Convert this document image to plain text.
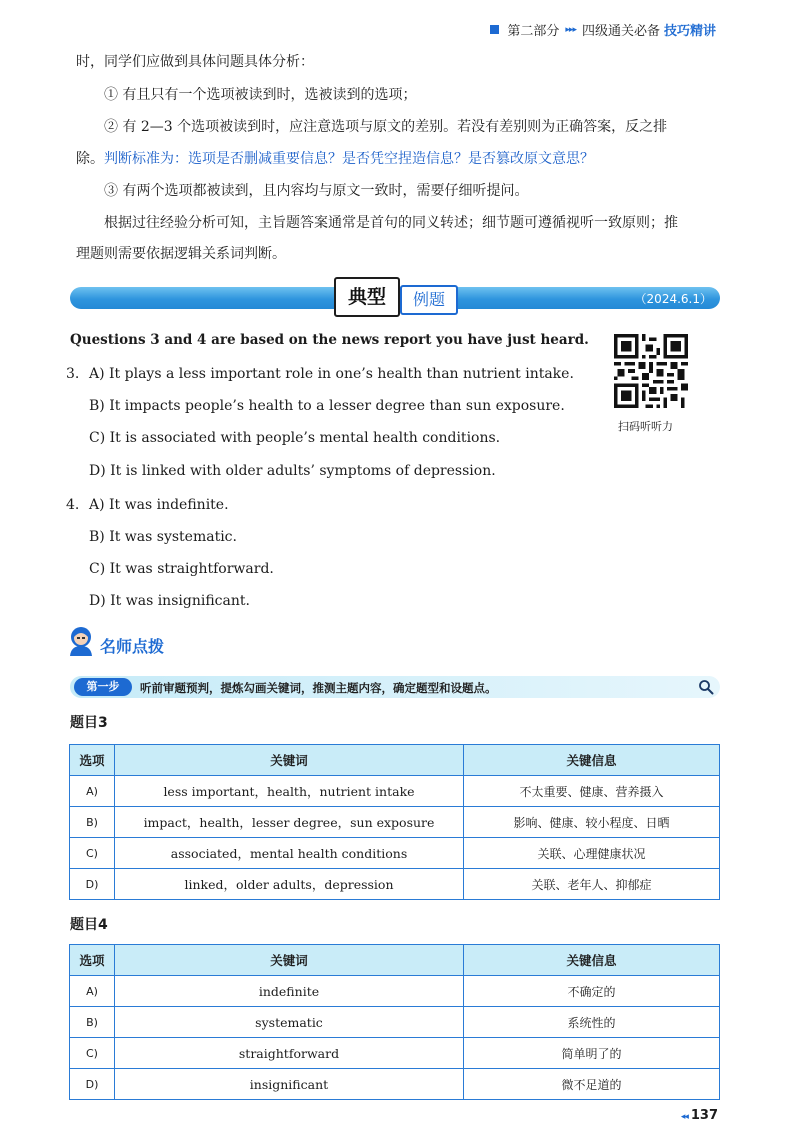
第二部分 ▸▸▸ 四级通关必备 技巧精讲
时，同学们应做到具体问题具体分析：
① 有且只有一个选项被读到时，选被读到的选项；
② 有 2—3 个选项被读到时，应注意选项与原文的差别。若没有差别则为正确答案，反之排
除。判断标准为：选项是否删减重要信息？是否凭空捏造信息？是否篡改原文意思？
③ 有两个选项都被读到，且内容均与原文一致时，需要仔细听提问。
根据过往经验分析可知，主旨题答案通常是首句的同义转述；细节题可遵循视听一致原则；推
理题则需要依据逻辑关系词判断。
（2024.6.1）
典型	例题
Questions 3 and 4 are based on the news report you have just heard.
3. A) It plays a less important role in one’s health than nutrient intake.
B) It impacts people’s health to a lesser degree than sun exposure.
C) It is associated with people’s mental health conditions.
D) It is linked with older adults’ symptoms of depression.
4. A) It was indefinite.
B) It was systematic.
C) It was straightforward.
D) It was insignificant.
扫码听听力
名师点拨
第一步	听前审题预判，提炼勾画关键词，推测主题内容，确定题型和设题点。
题目3
选项	关键词	关键信息
A)	less important，health，nutrient intake	不太重要、健康、营养摄入
B)	impact，health，lesser degree，sun exposure	影响、健康、较小程度、日晒
C)	associated，mental health conditions	关联、心理健康状况
D)	linked，older adults，depression	关联、老年人、抑郁症
题目4
选项	关键词	关键信息
A)	indefinite	不确定的
B)	systematic	系统性的
C)	straightforward	简单明了的
D)	insignificant	微不足道的
◂◂ 137
